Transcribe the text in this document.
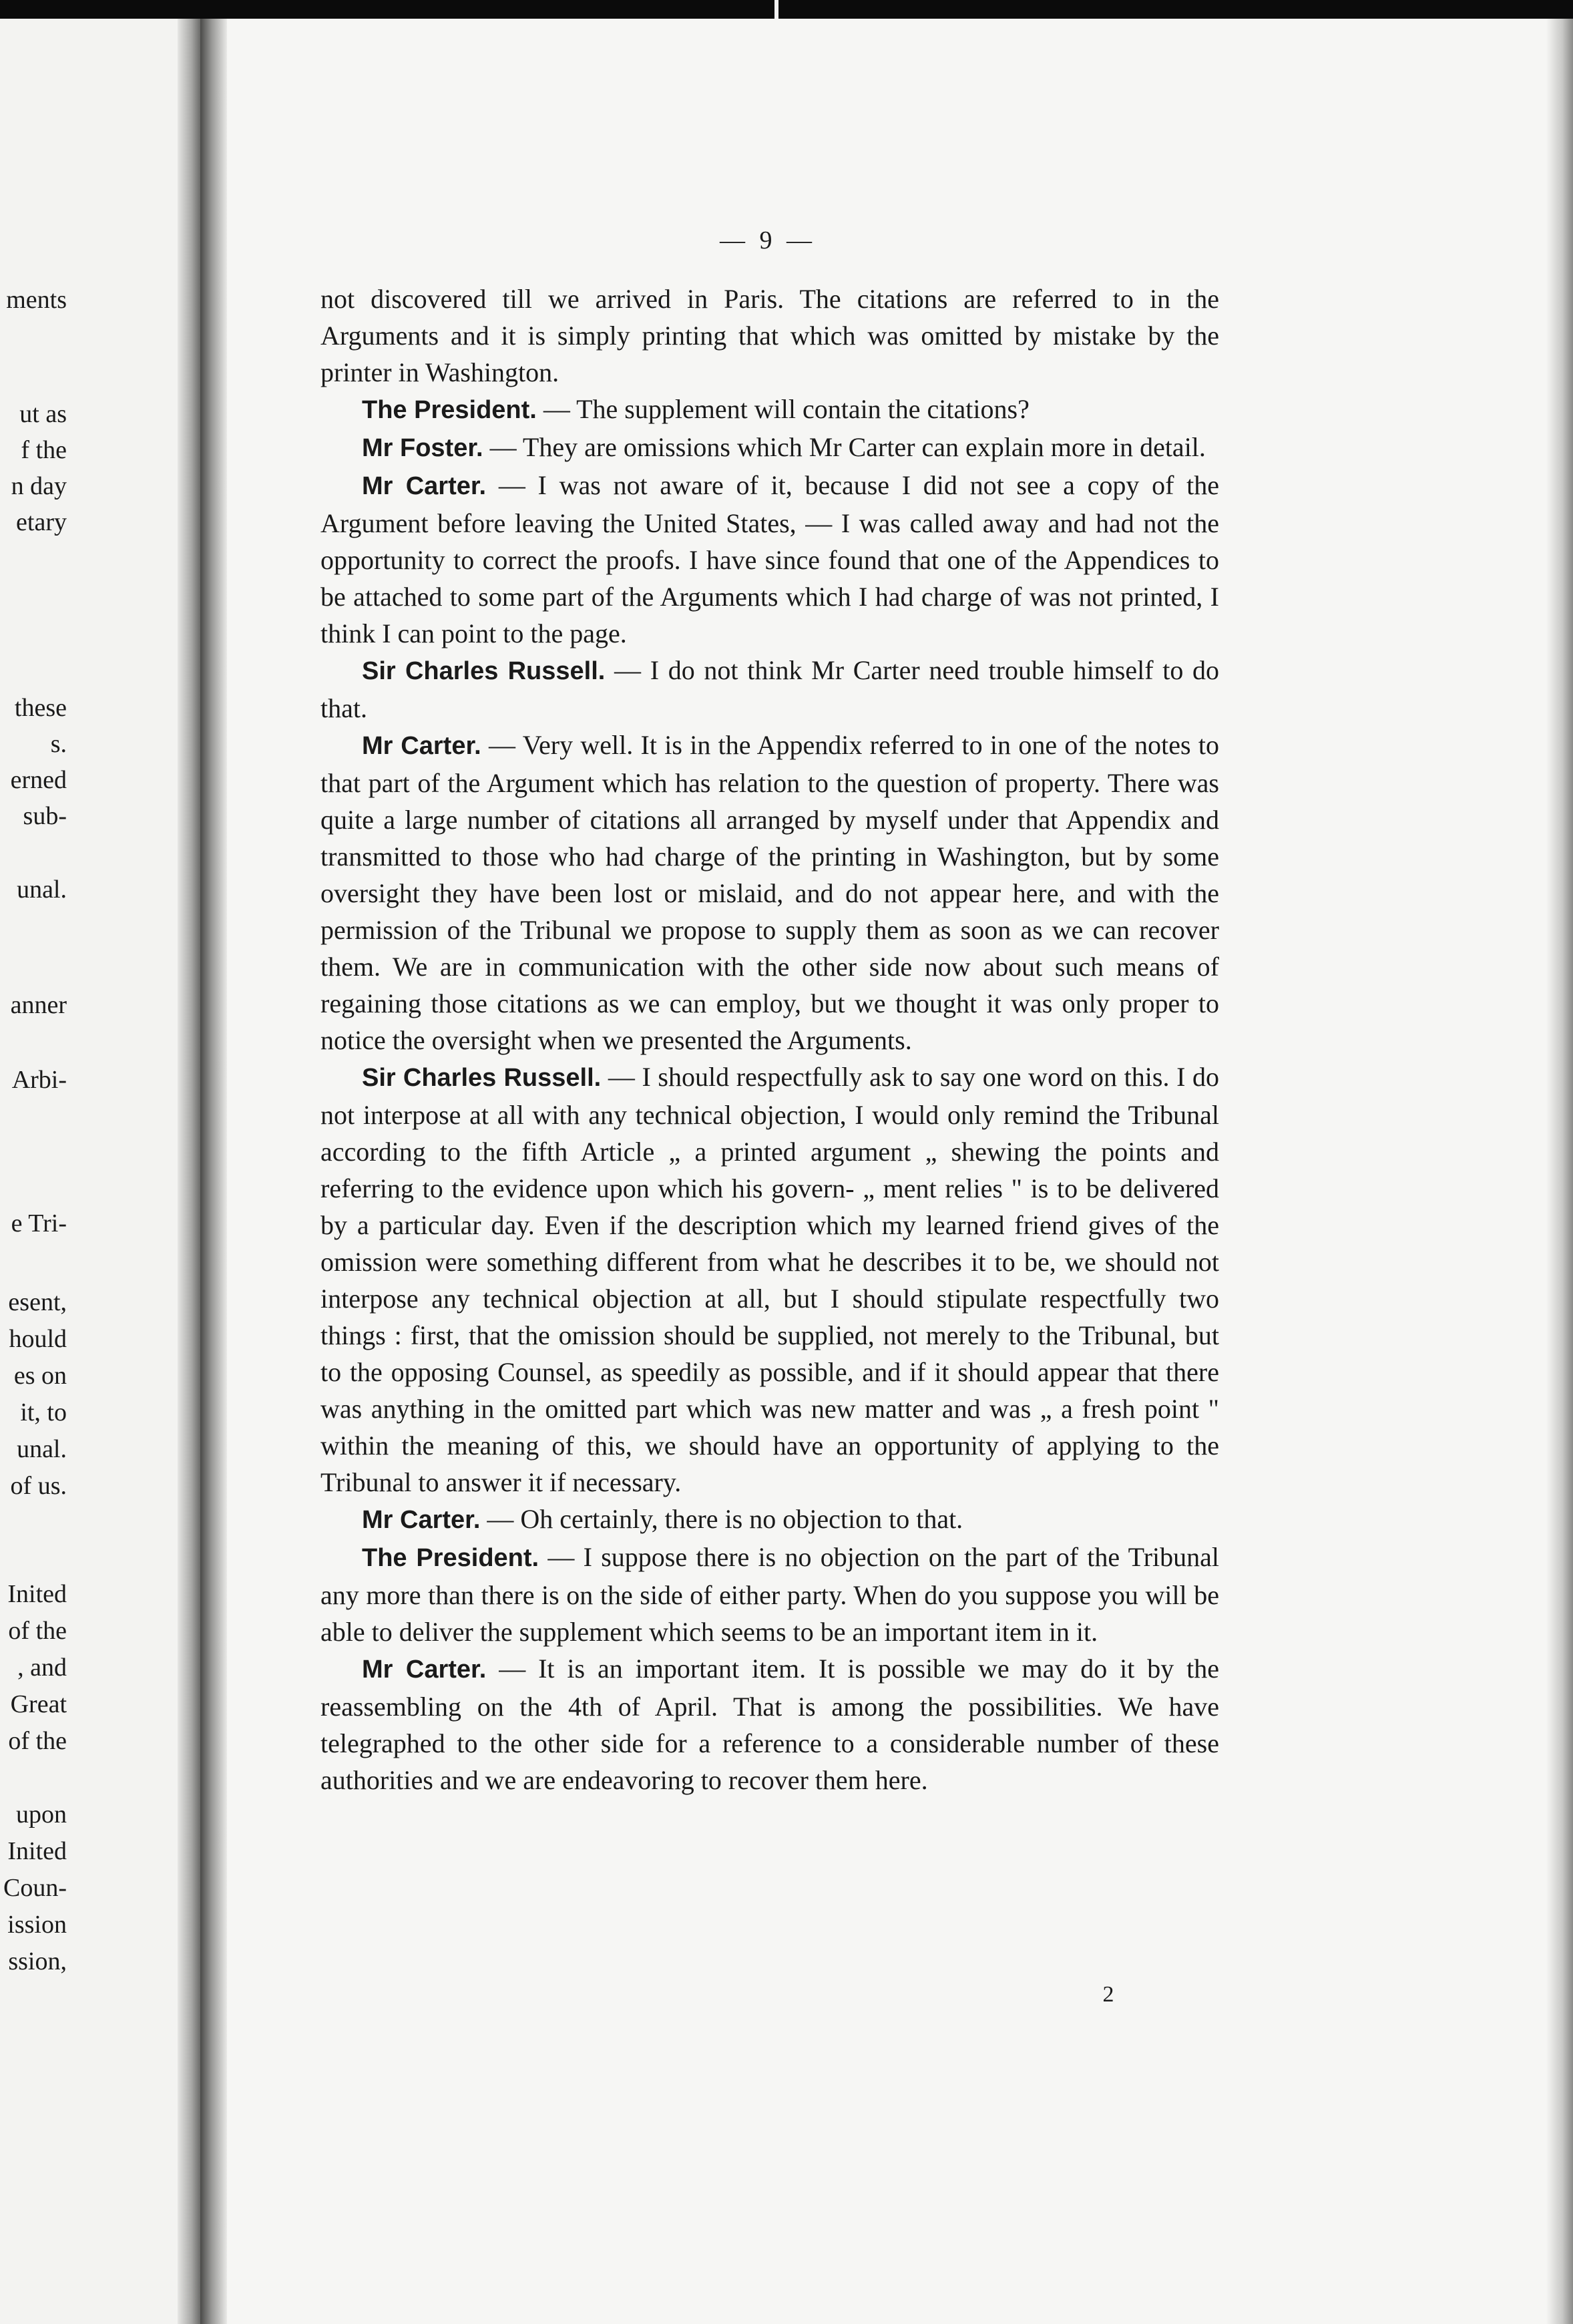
ments
ut as
f the
n day
etary
these
s.
erned
sub-
unal.
anner
Arbi-
e Tri-
esent,
hould
es on
it, to
unal.
of us.
Inited
of the
, and
Great
of the
upon
Inited
Coun-
ission
ssion,
— 9 —

not discovered till we arrived in Paris. The citations are referred to in the Arguments and it is simply printing that which was omitted by mistake by the printer in Washington.

The President. — The supplement will contain the citations?

Mr Foster. — They are omissions which Mr Carter can explain more in detail.

Mr Carter. — I was not aware of it, because I did not see a copy of the Argument before leaving the United States, — I was called away and had not the opportunity to correct the proofs. I have since found that one of the Appendices to be attached to some part of the Arguments which I had charge of was not printed, I think I can point to the page.

Sir Charles Russell. — I do not think Mr Carter need trouble himself to do that.

Mr Carter. — Very well. It is in the Appendix referred to in one of the notes to that part of the Argument which has relation to the question of property. There was quite a large number of citations all arranged by myself under that Appendix and transmitted to those who had charge of the printing in Washington, but by some oversight they have been lost or mislaid, and do not appear here, and with the permission of the Tribunal we propose to supply them as soon as we can recover them. We are in communication with the other side now about such means of regaining those citations as we can employ, but we thought it was only proper to notice the oversight when we presented the Arguments.

Sir Charles Russell. — I should respectfully ask to say one word on this. I do not interpose at all with any technical objection, I would only remind the Tribunal according to the fifth Article „ a printed argument „ shewing the points and referring to the evidence upon which his govern- „ ment relies " is to be delivered by a particular day. Even if the description which my learned friend gives of the omission were something different from what he describes it to be, we should not interpose any technical objection at all, but I should stipulate respectfully two things : first, that the omission should be supplied, not merely to the Tribunal, but to the opposing Counsel, as speedily as possible, and if it should appear that there was anything in the omitted part which was new matter and was „ a fresh point " within the meaning of this, we should have an opportunity of applying to the Tribunal to answer it if necessary.

Mr Carter. — Oh certainly, there is no objection to that.

The President. — I suppose there is no objection on the part of the Tribunal any more than there is on the side of either party. When do you suppose you will be able to deliver the supplement which seems to be an important item in it.

Mr Carter. — It is an important item. It is possible we may do it by the reassembling on the 4th of April. That is among the possibilities. We have telegraphed to the other side for a reference to a considerable number of these authorities and we are endeavoring to recover them here.

2
